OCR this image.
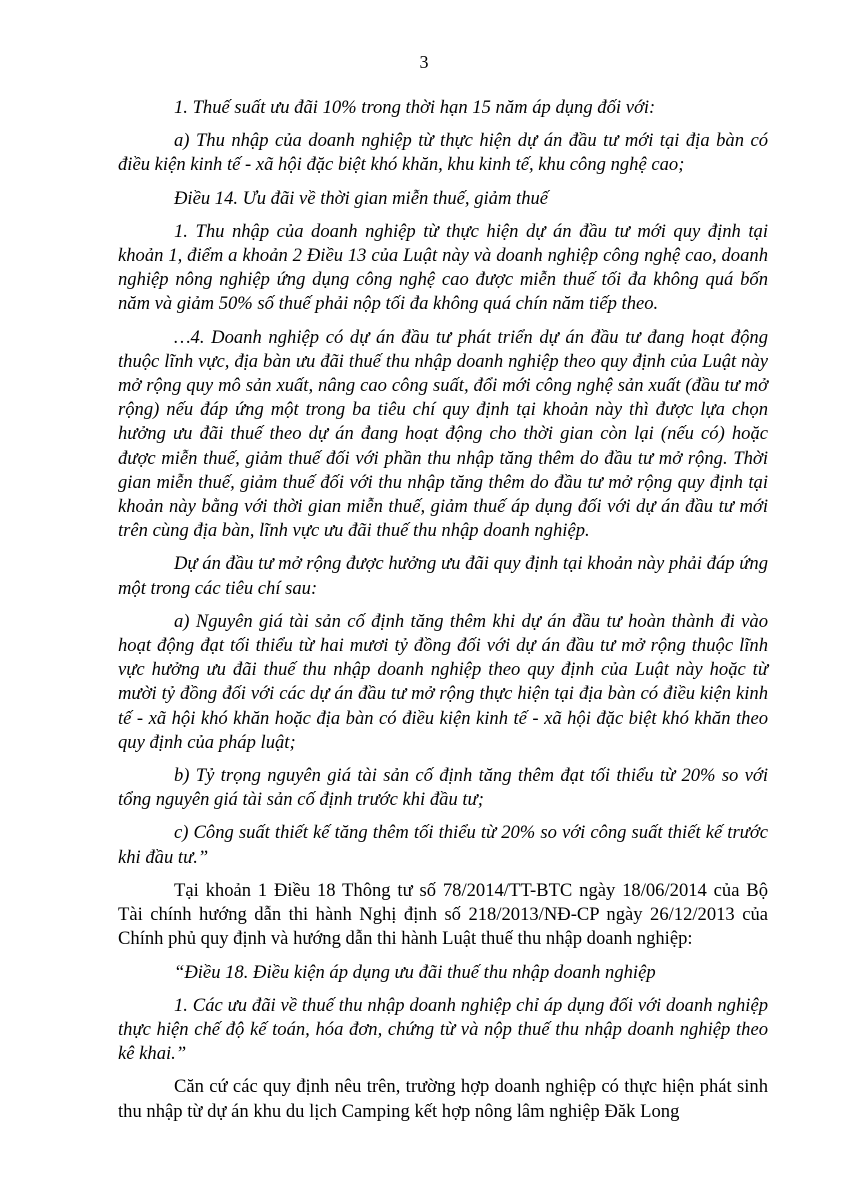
3

1. Thuế suất ưu đãi 10% trong thời hạn 15 năm áp dụng đối với:

a) Thu nhập của doanh nghiệp từ thực hiện dự án đầu tư mới tại địa bàn có điều kiện kinh tế - xã hội đặc biệt khó khăn, khu kinh tế, khu công nghệ cao;

Điều 14. Ưu đãi về thời gian miễn thuế, giảm thuế

1. Thu nhập của doanh nghiệp từ thực hiện dự án đầu tư mới quy định tại khoản 1, điểm a khoản 2 Điều 13 của Luật này và doanh nghiệp công nghệ cao, doanh nghiệp nông nghiệp ứng dụng công nghệ cao được miễn thuế tối đa không quá bốn năm và giảm 50% số thuế phải nộp tối đa không quá chín năm tiếp theo.

…4. Doanh nghiệp có dự án đầu tư phát triển dự án đầu tư đang hoạt động thuộc lĩnh vực, địa bàn ưu đãi thuế thu nhập doanh nghiệp theo quy định của Luật này mở rộng quy mô sản xuất, nâng cao công suất, đổi mới công nghệ sản xuất (đầu tư mở rộng) nếu đáp ứng một trong ba tiêu chí quy định tại khoản này thì được lựa chọn hưởng ưu đãi thuế theo dự án đang hoạt động cho thời gian còn lại (nếu có) hoặc được miễn thuế, giảm thuế đối với phần thu nhập tăng thêm do đầu tư mở rộng. Thời gian miễn thuế, giảm thuế đối với thu nhập tăng thêm do đầu tư mở rộng quy định tại khoản này bằng với thời gian miễn thuế, giảm thuế áp dụng đối với dự án đầu tư mới trên cùng địa bàn, lĩnh vực ưu đãi thuế thu nhập doanh nghiệp.

Dự án đầu tư mở rộng được hưởng ưu đãi quy định tại khoản này phải đáp ứng một trong các tiêu chí sau:

a) Nguyên giá tài sản cố định tăng thêm khi dự án đầu tư hoàn thành đi vào hoạt động đạt tối thiểu từ hai mươi tỷ đồng đối với dự án đầu tư mở rộng thuộc lĩnh vực hưởng ưu đãi thuế thu nhập doanh nghiệp theo quy định của Luật này hoặc từ mười tỷ đồng đối với các dự án đầu tư mở rộng thực hiện tại địa bàn có điều kiện kinh tế - xã hội khó khăn hoặc địa bàn có điều kiện kinh tế - xã hội đặc biệt khó khăn theo quy định của pháp luật;

b) Tỷ trọng nguyên giá tài sản cố định tăng thêm đạt tối thiểu từ 20% so với tổng nguyên giá tài sản cố định trước khi đầu tư;

c) Công suất thiết kế tăng thêm tối thiểu từ 20% so với công suất thiết kế trước khi đầu tư.”

Tại khoản 1 Điều 18 Thông tư số 78/2014/TT-BTC ngày 18/06/2014 của Bộ Tài chính hướng dẫn thi hành Nghị định số 218/2013/NĐ-CP ngày 26/12/2013 của Chính phủ quy định và hướng dẫn thi hành Luật thuế thu nhập doanh nghiệp:

“Điều 18. Điều kiện áp dụng ưu đãi thuế thu nhập doanh nghiệp

1. Các ưu đãi về thuế thu nhập doanh nghiệp chỉ áp dụng đối với doanh nghiệp thực hiện chế độ kế toán, hóa đơn, chứng từ và nộp thuế thu nhập doanh nghiệp theo kê khai.”

Căn cứ các quy định nêu trên, trường hợp doanh nghiệp có thực hiện phát sinh thu nhập từ dự án khu du lịch Camping kết hợp nông lâm nghiệp Đăk Long
